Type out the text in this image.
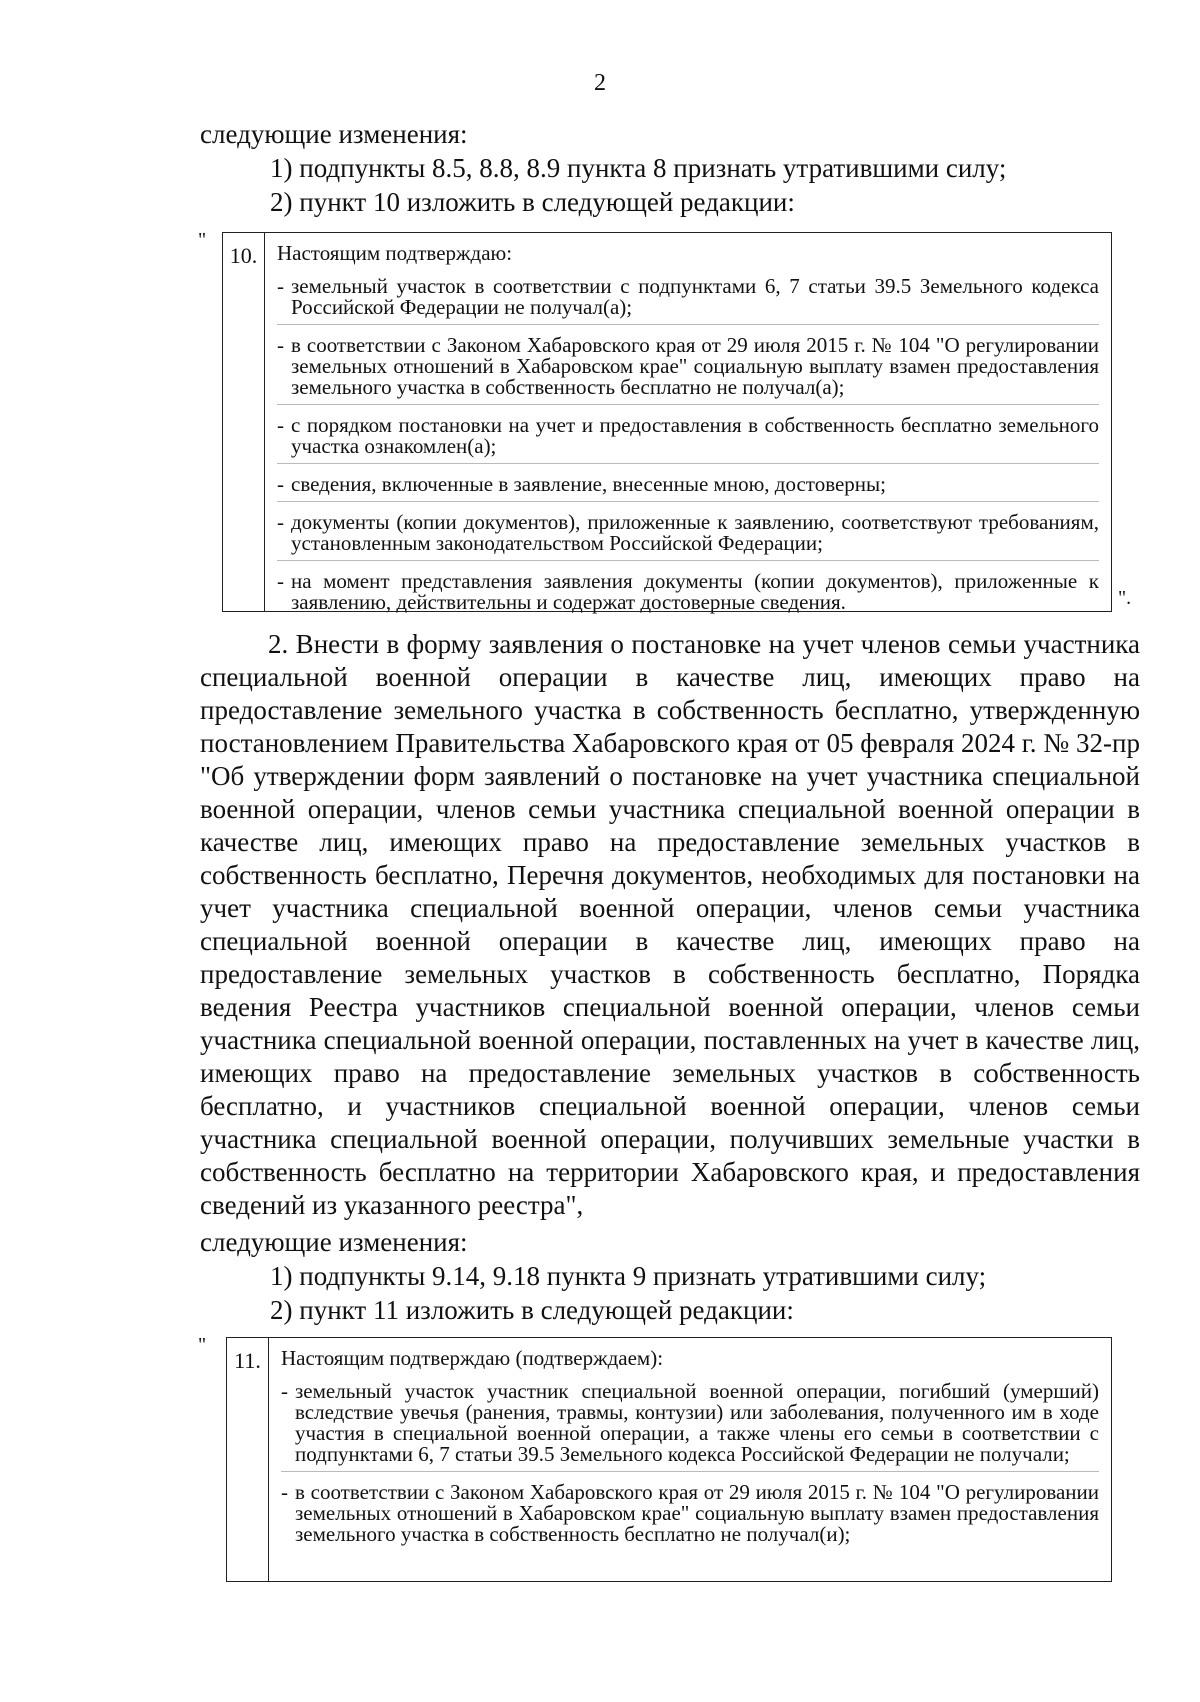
2

следующие изменения:

1) подпункты 8.5, 8.8, 8.9 пункта 8 признать утратившими силу;

2) пункт 10 изложить в следующей редакции:

"
10. Настоящим подтверждаю:
- земельный участок в соответствии с подпунктами 6, 7 статьи 39.5 Земельного кодекса Российской Федерации не получал(а);
- в соответствии с Законом Хабаровского края от 29 июля 2015 г. № 104 "О регулировании земельных отношений в Хабаровском крае" социальную выплату взамен предоставления земельного участка в собственность бесплатно не получал(а);
- с порядком постановки на учет и предоставления в собственность бесплатно земельного участка ознакомлен(а);
- сведения, включенные в заявление, внесенные мною, достоверны;
- документы (копии документов), приложенные к заявлению, соответствуют требованиям, установленным законодательством Российской Федерации;
- на момент представления заявления документы (копии документов), приложенные к заявлению, действительны и содержат достоверные сведения.	".

2. Внести в форму заявления о постановке на учет членов семьи участника специальной военной операции в качестве лиц, имеющих право на предоставление земельного участка в собственность бесплатно, утвержденную постановлением Правительства Хабаровского края от 05 февраля 2024 г. № 32-пр "Об утверждении форм заявлений о постановке на учет участника специальной военной операции, членов семьи участника специальной военной операции в качестве лиц, имеющих право на предоставление земельных участков в собственность бесплатно, Перечня документов, необходимых для постановки на учет участника специальной военной операции, членов семьи участника специальной военной операции в качестве лиц, имеющих право на предоставление земельных участков в собственность бесплатно, Порядка ведения Реестра участников специальной военной операции, членов семьи участника специальной военной операции, поставленных на учет в качестве лиц, имеющих право на предоставление земельных участков в собственность бесплатно, и участников специальной военной операции, членов семьи участника специальной военной операции, получивших земельные участки в собственность бесплатно на территории Хабаровского края, и предоставления сведений из указанного реестра",

следующие изменения:

1) подпункты 9.14, 9.18 пункта 9 признать утратившими силу;

2) пункт 11 изложить в следующей редакции:

"
11. Настоящим подтверждаю (подтверждаем):
- земельный участок участник специальной военной операции, погибший (умерший) вследствие увечья (ранения, травмы, контузии) или заболевания, полученного им в ходе участия в специальной военной операции, а также члены его семьи в соответствии с подпунктами 6, 7 статьи 39.5 Земельного кодекса Российской Федерации не получали;
- в соответствии с Законом Хабаровского края от 29 июля 2015 г. № 104 "О регулировании земельных отношений в Хабаровском крае" социальную выплату взамен предоставления земельного участка в собственность бесплатно не получал(и);
